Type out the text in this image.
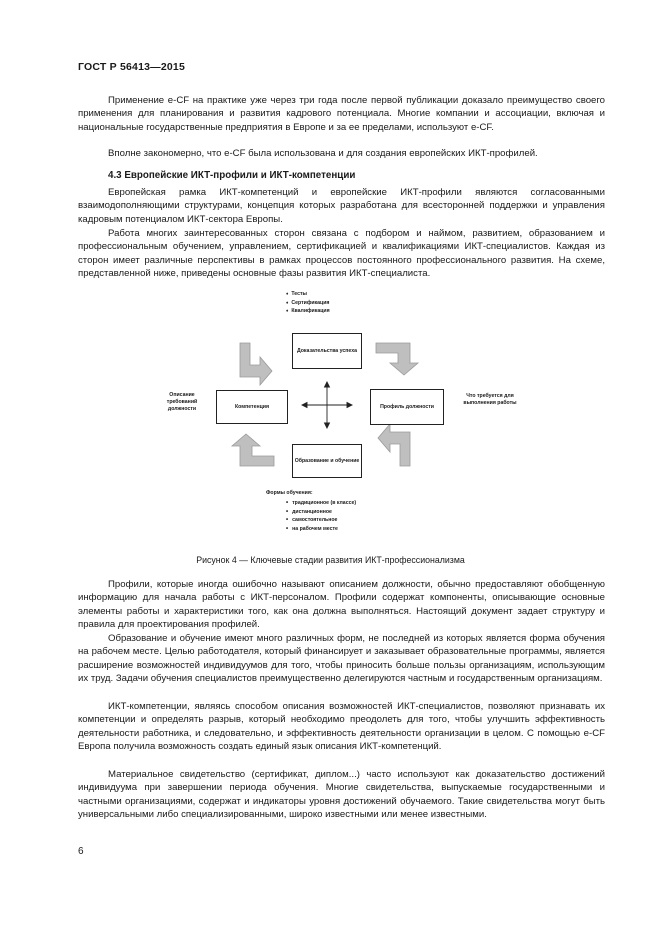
ГОСТ Р 56413—2015
Применение e-CF на практике уже через три года после первой публикации доказало преимущество своего применения для планирования и развития кадрового потенциала. Многие компании и ассоциации, включая и национальные государственные предприятия в Европе и за ее пределами, используют e-CF.
Вполне закономерно, что e-CF была использована и для создания европейских ИКТ-профилей.
4.3 Европейские ИКТ-профили и ИКТ-компетенции
Европейская рамка ИКТ-компетенций и европейские ИКТ-профили являются согласованными взаимодополняющими структурами, концепция которых разработана для всесторонней поддержки и управления кадровым потенциалом ИКТ-сектора Европы.
Работа многих заинтересованных сторон связана с подбором и наймом, развитием, образованием и профессиональным обучением, управлением, сертификацией и квалификациями ИКТ-специалистов. Каждая из сторон имеет различные перспективы в рамках процессов постоянного профессионального развития. На схеме, представленной ниже, приведены основные фазы развития ИКТ-специалиста.
♦ Тесты
♦ Сертификация
♦ Квалификация
Доказательства успеха
Компетенция	Профиль должности
Образование и обучение
Описание требований должности
Что требуется для выполнения работы
Формы обучения:
• традиционное (в классе)
• дистанционное
• самостоятельное
• на рабочем месте
Рисунок 4 — Ключевые стадии развития ИКТ-профессионализма
Профили, которые иногда ошибочно называют описанием должности, обычно предоставляют обобщенную информацию для начала работы с ИКТ-персоналом. Профили содержат компоненты, описывающие основные элементы работы и характеристики того, как она должна выполняться. Настоящий документ задает структуру и правила для проектирования профилей.
Образование и обучение имеют много различных форм, не последней из которых является форма обучения на рабочем месте. Целью работодателя, который финансирует и заказывает образовательные программы, является расширение возможностей индивидуумов для того, чтобы приносить больше пользы организациям, использующим их труд. Задачи обучения специалистов преимущественно делегируются частным и государственным организациям.
ИКТ-компетенции, являясь способом описания возможностей ИКТ-специалистов, позволяют признавать их компетенции и определять разрыв, который необходимо преодолеть для того, чтобы улучшить эффективность деятельности работника, и следовательно, и эффективность деятельности организации в целом. С помощью e-CF Европа получила возможность создать единый язык описания ИКТ-компетенций.
Материальное свидетельство (сертификат, диплом...) часто используют как доказательство достижений индивидуума при завершении периода обучения. Многие свидетельства, выпускаемые государственными и частными организациями, содержат и индикаторы уровня достижений обучаемого. Такие свидетельства могут быть универсальными либо специализированными, широко известными или менее известными.
6
